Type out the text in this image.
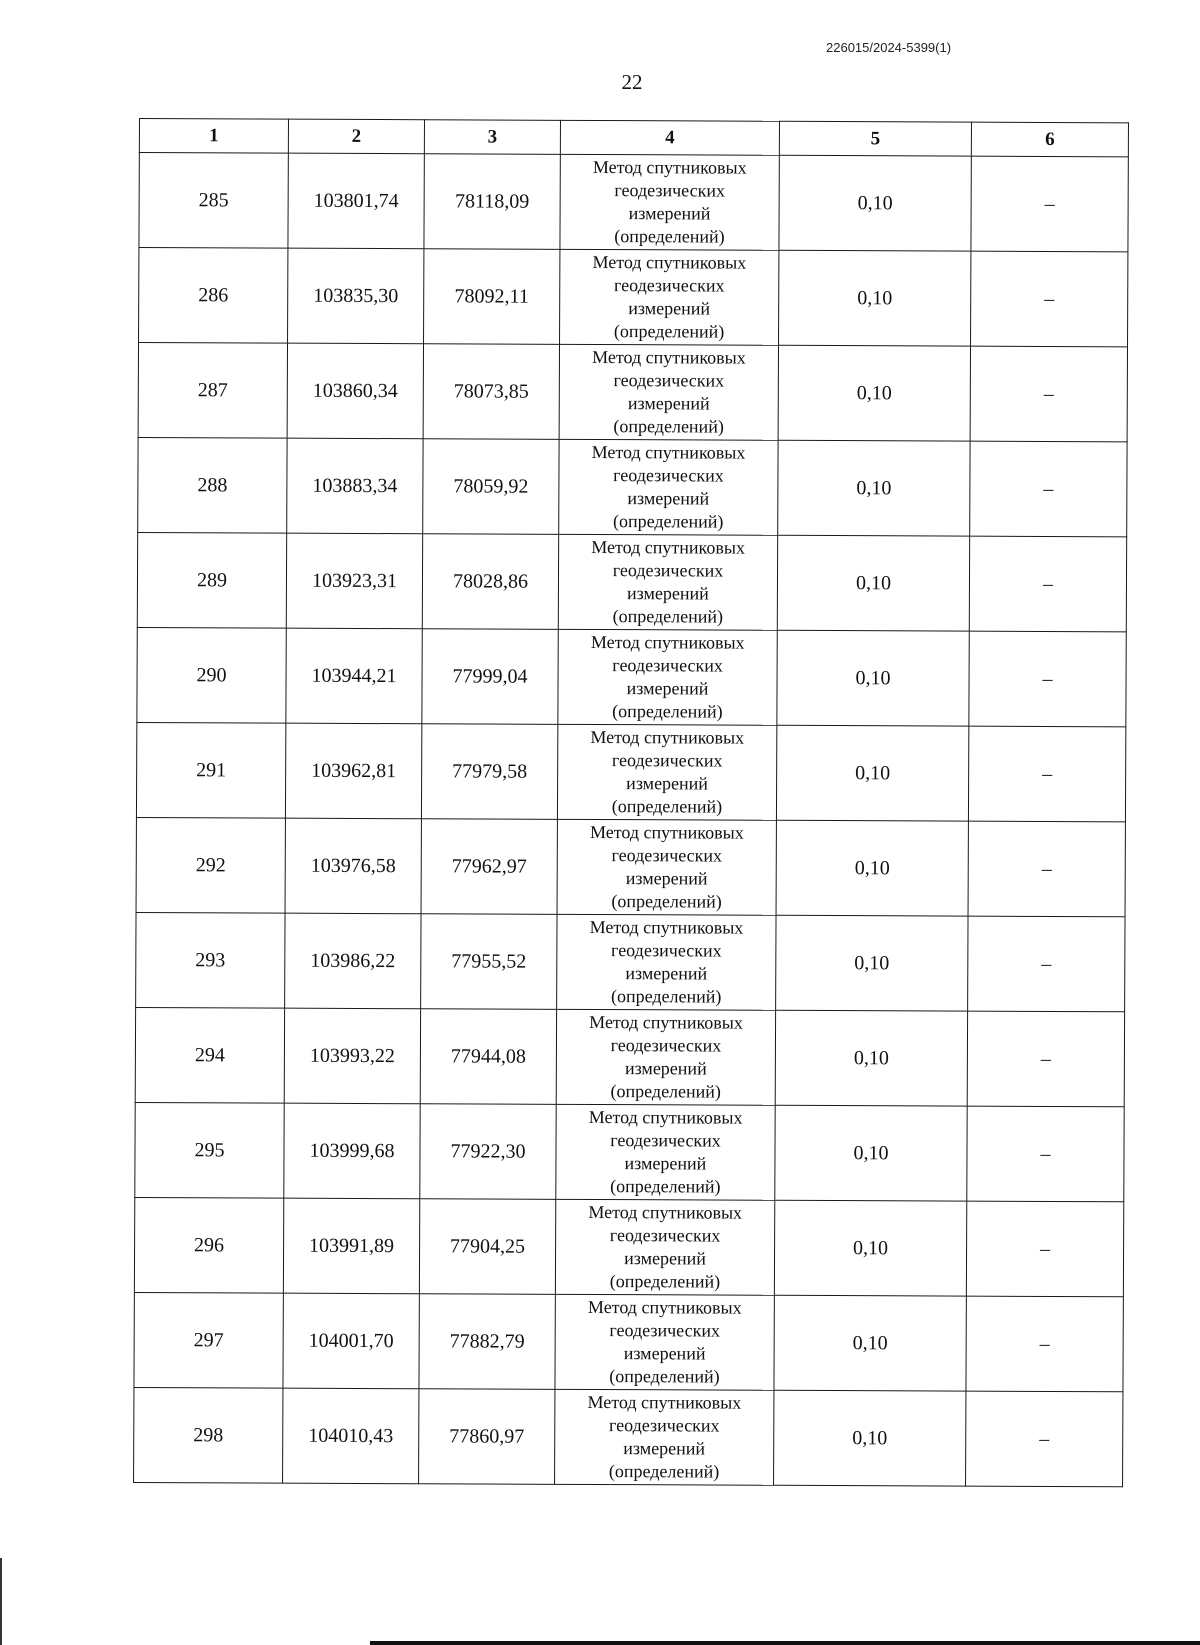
226015/2024-5399(1)
22
1	2	3	4	5	6
285	103801,74	78118,09	Метод спутниковых
геодезических
измерений
(определений)	0,10	–
286	103835,30	78092,11	Метод спутниковых
геодезических
измерений
(определений)	0,10	–
287	103860,34	78073,85	Метод спутниковых
геодезических
измерений
(определений)	0,10	–
288	103883,34	78059,92	Метод спутниковых
геодезических
измерений
(определений)	0,10	–
289	103923,31	78028,86	Метод спутниковых
геодезических
измерений
(определений)	0,10	–
290	103944,21	77999,04	Метод спутниковых
геодезических
измерений
(определений)	0,10	–
291	103962,81	77979,58	Метод спутниковых
геодезических
измерений
(определений)	0,10	–
292	103976,58	77962,97	Метод спутниковых
геодезических
измерений
(определений)	0,10	–
293	103986,22	77955,52	Метод спутниковых
геодезических
измерений
(определений)	0,10	–
294	103993,22	77944,08	Метод спутниковых
геодезических
измерений
(определений)	0,10	–
295	103999,68	77922,30	Метод спутниковых
геодезических
измерений
(определений)	0,10	–
296	103991,89	77904,25	Метод спутниковых
геодезических
измерений
(определений)	0,10	–
297	104001,70	77882,79	Метод спутниковых
геодезических
измерений
(определений)	0,10	–
298	104010,43	77860,97	Метод спутниковых
геодезических
измерений
(определений)	0,10	–
